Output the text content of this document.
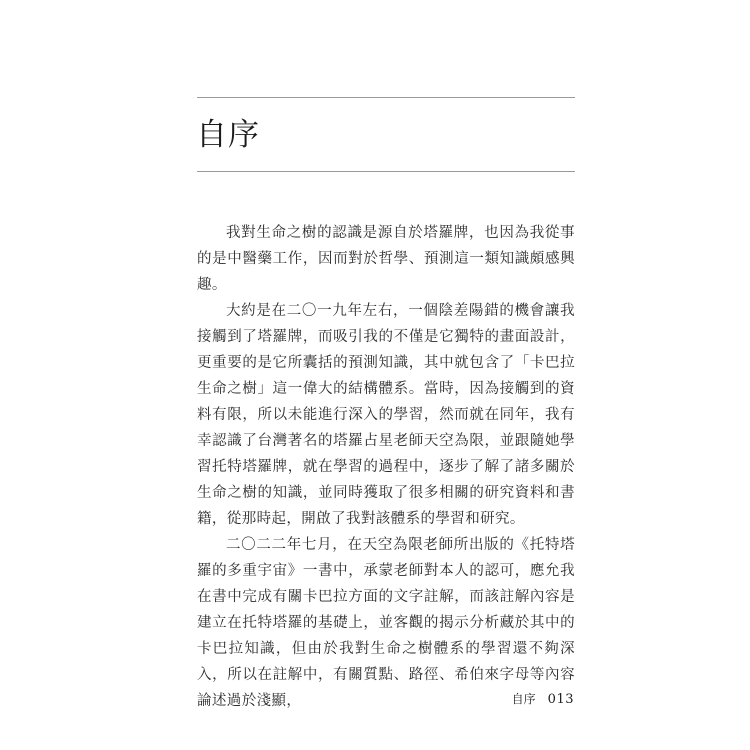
自序

我對生命之樹的認識是源自於塔羅牌，也因為我從事的是中醫藥工作，因而對於哲學、預測這一類知識頗感興趣。

大約是在二〇一九年左右，一個陰差陽錯的機會讓我接觸到了塔羅牌，而吸引我的不僅是它獨特的畫面設計，更重要的是它所囊括的預測知識，其中就包含了「卡巴拉生命之樹」這一偉大的結構體系。當時，因為接觸到的資料有限，所以未能進行深入的學習，然而就在同年，我有幸認識了台灣著名的塔羅占星老師天空為限，並跟隨她學習托特塔羅牌，就在學習的過程中，逐步了解了諸多關於生命之樹的知識，並同時獲取了很多相關的研究資料和書籍，從那時起，開啟了我對該體系的學習和研究。

二〇二二年七月，在天空為限老師所出版的《托特塔羅的多重宇宙》一書中，承蒙老師對本人的認可，應允我在書中完成有關卡巴拉方面的文字註解，而該註解內容是建立在托特塔羅的基礎上，並客觀的揭示分析藏於其中的卡巴拉知識，但由於我對生命之樹體系的學習還不夠深入，所以在註解中，有關質點、路徑、希伯來字母等內容論述過於淺顯，	自序 013
